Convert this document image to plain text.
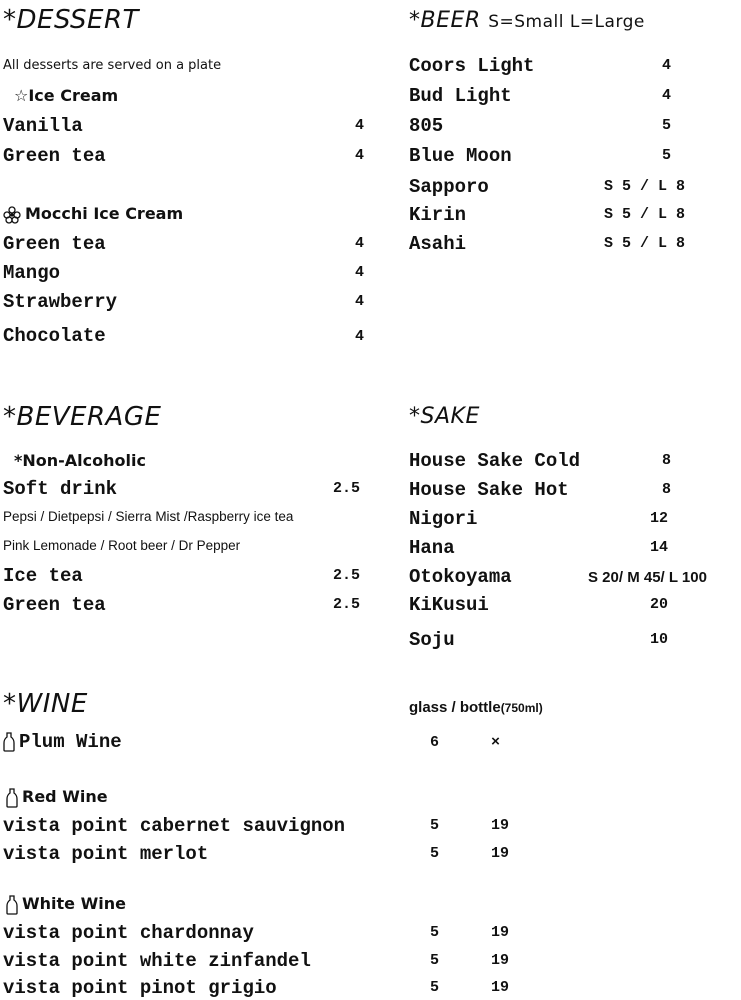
*DESSERT
All desserts are served on a plate
☆Ice Cream
Vanilla	4
Green tea	4
Mocchi Ice Cream
Green tea	4
Mango	4
Strawberry	4
Chocolate	4
*BEER S=Small L=Large
Coors Light	4
Bud Light	4
805	5
Blue Moon	5
Sapporo	S 5 / L 8
Kirin	S 5 / L 8
Asahi	S 5 / L 8
*BEVERAGE
*Non-Alcoholic
Soft drink	2.5
Pepsi / Dietpepsi / Sierra Mist /Raspberry ice tea
Pink Lemonade / Root beer / Dr Pepper
Ice tea	2.5
Green tea	2.5
*SAKE
House Sake Cold	8
House Sake Hot	8
Nigori	12
Hana	14
Otokoyama	S 20/ M 45/ L 100
KiKusui	20
Soju	10
*WINE	glass / bottle(750ml)
Plum Wine	6	×
Red Wine
vista point cabernet sauvignon	5	19
vista point merlot	5	19
White Wine
vista point chardonnay	5	19
vista point white zinfandel	5	19
vista point pinot grigio	5	19
